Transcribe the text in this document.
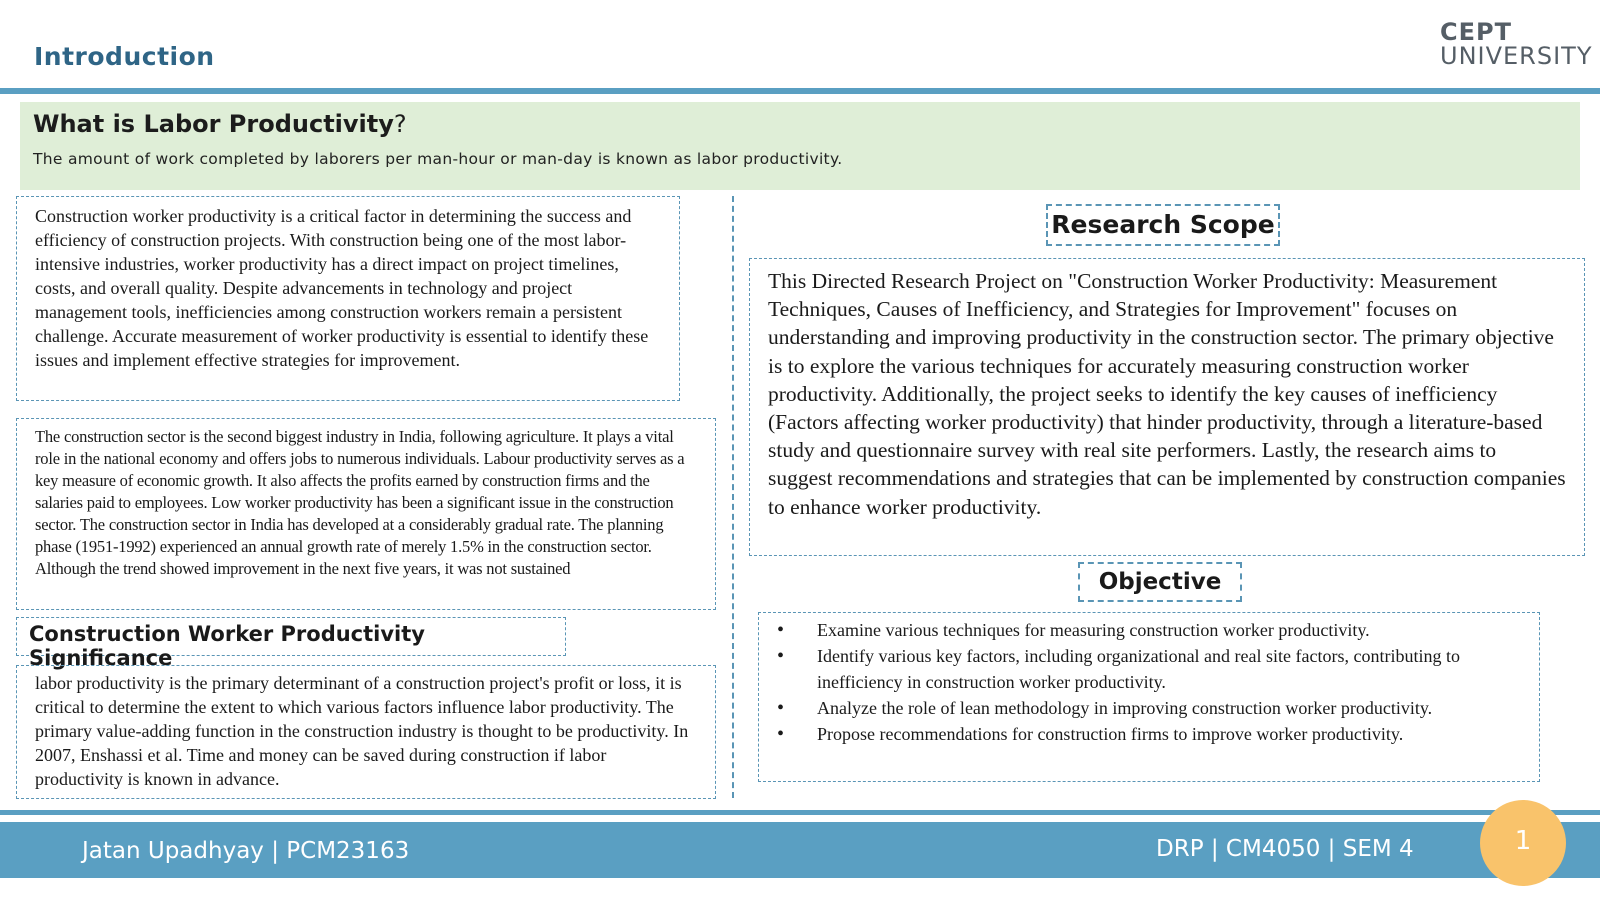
Introduction
CEPT
UNIVERSITY
What is Labor Productivity?
The amount of work completed by laborers per man-hour or man-day is known as labor productivity.
Construction worker productivity is a critical factor in determining the success and efficiency of construction projects. With construction being one of the most labor-intensive industries, worker productivity has a direct impact on project timelines, costs, and overall quality. Despite advancements in technology and project management tools, inefficiencies among construction workers remain a persistent challenge. Accurate measurement of worker productivity is essential to identify these issues and implement effective strategies for improvement.
The construction sector is the second biggest industry in India, following agriculture. It plays a vital role in the national economy and offers jobs to numerous individuals. Labour productivity serves as a key measure of economic growth. It also affects the profits earned by construction firms and the salaries paid to employees. Low worker productivity has been a significant issue in the construction sector. The construction sector in India has developed at a considerably gradual rate. The planning phase (1951-1992) experienced an annual growth rate of merely 1.5% in the construction sector. Although the trend showed improvement in the next five years, it was not sustained
Construction Worker Productivity Significance
labor productivity is the primary determinant of a construction project's profit or loss, it is critical to determine the extent to which various factors influence labor productivity. The primary value-adding function in the construction industry is thought to be productivity. In 2007, Enshassi et al. Time and money can be saved during construction if labor productivity is known in advance.
Research Scope
This Directed Research Project on "Construction Worker Productivity: Measurement Techniques, Causes of Inefficiency, and Strategies for Improvement" focuses on understanding and improving productivity in the construction sector. The primary objective is to explore the various techniques for accurately measuring construction worker productivity. Additionally, the project seeks to identify the key causes of inefficiency (Factors affecting worker productivity) that hinder productivity, through a literature-based study and questionnaire survey with real site performers. Lastly, the research aims to suggest recommendations and strategies that can be implemented by construction companies to enhance worker productivity.
Objective
• Examine various techniques for measuring construction worker productivity.
• Identify various key factors, including organizational and real site factors, contributing to inefficiency in construction worker productivity.
• Analyze the role of lean methodology in improving construction worker productivity.
• Propose recommendations for construction firms to improve worker productivity.
Jatan Upadhyay | PCM23163	DRP | CM4050 | SEM 4	1
